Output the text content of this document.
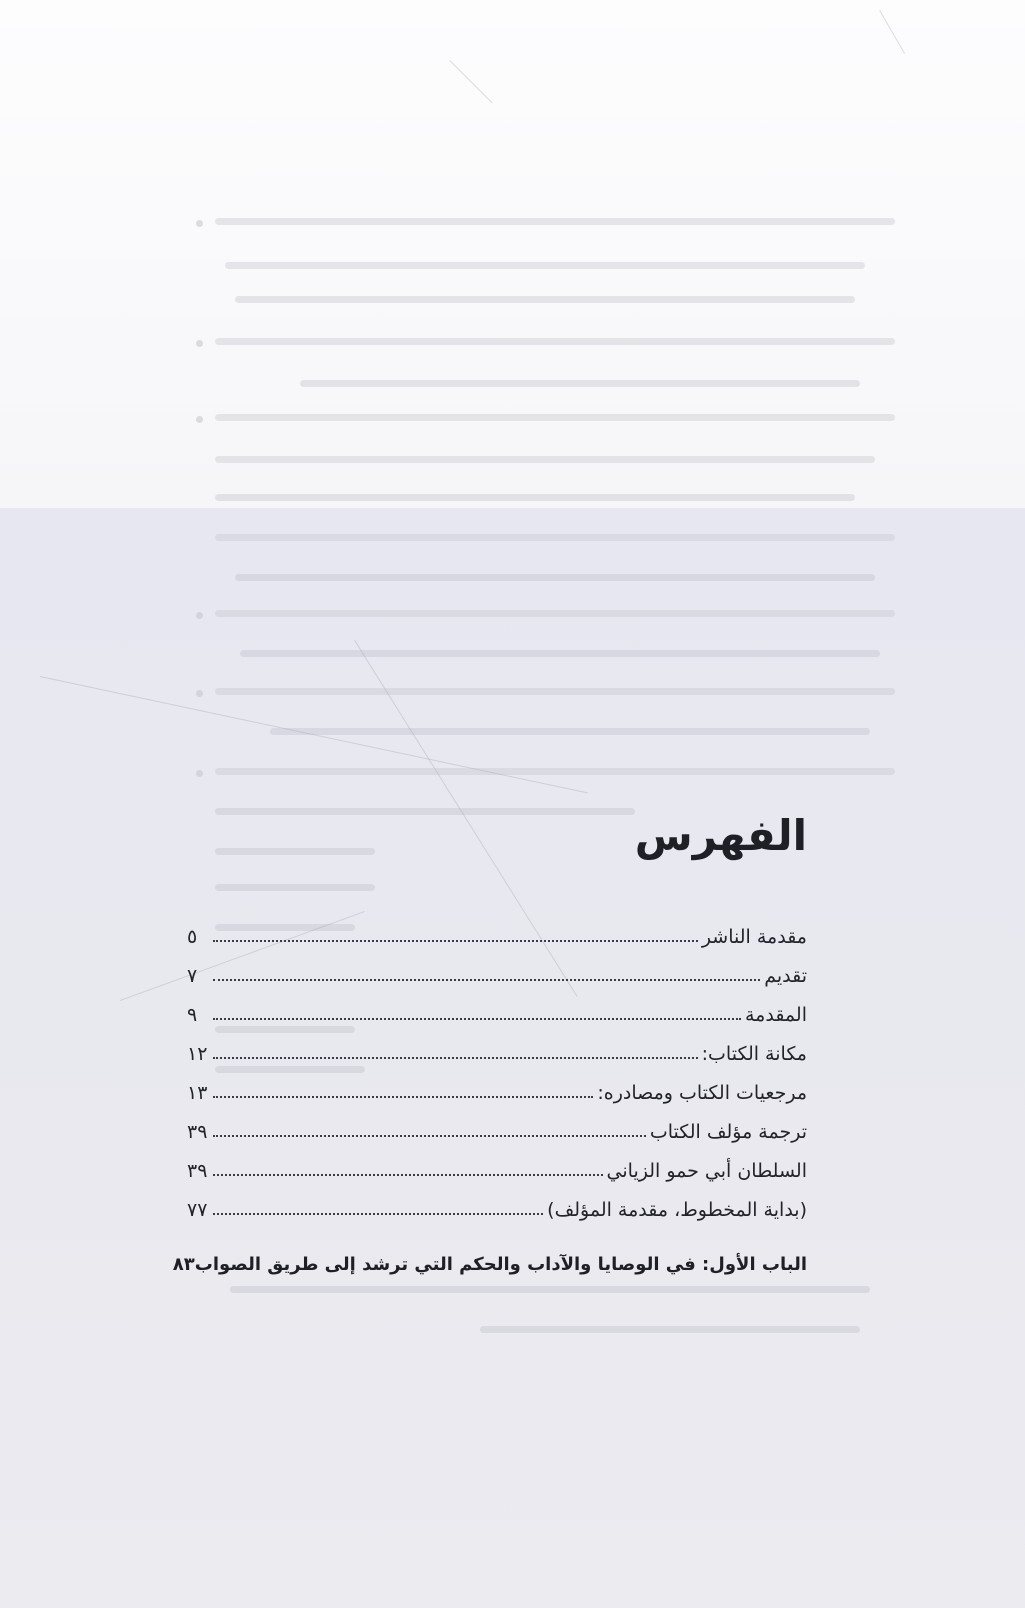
الفهرس
مقدمة الناشر
٥
تقديم
٧
المقدمة
٩
مكانة الكتاب:
١٢
مرجعيات الكتاب ومصادره:
١٣
ترجمة مؤلف الكتاب
٣٩
السلطان أبي حمو الزياني
٣٩
(بداية المخطوط، مقدمة المؤلف)
٧٧
الباب الأول: في الوصايا والآداب والحكم التي ترشد إلى طريق الصواب
٨٣
